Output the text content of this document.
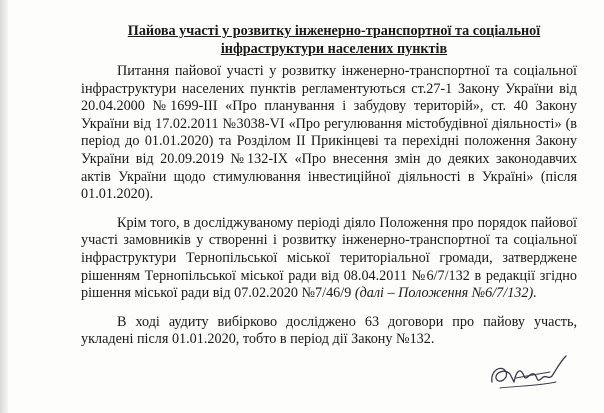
Пайова участі у розвитку інженерно-транспортної та соціальної
інфраструктури населених пунктів

Питання пайової участі у розвитку інженерно-транспортної та соціальної інфраструктури населених пунктів регламентуються ст.27-1 Закону України від 20.04.2000 №1699-ІІІ «Про планування і забудову територій», ст. 40 Закону України від 17.02.2011 №3038-VI «Про регулювання містобудівної діяльності» (в період до 01.01.2020) та Розділом ІІ Прикінцеві та перехідні положення Закону України від 20.09.2019 №132-ІХ «Про внесення змін до деяких законодавчих актів України щодо стимулювання інвестиційної діяльності в Україні» (після 01.01.2020).

Крім того, в досліджуваному періоді діяло Положення про порядок пайової участі замовників у створенні і розвитку інженерно-транспортної та соціальної інфраструктури Тернопільської міської територіальної громади, затверджене рішенням Тернопільської міської ради від 08.04.2011 №6/7/132 в редакції згідно рішення міської ради від 07.02.2020 №7/46/9 (далі – Положення №6/7/132).

В ході аудиту вибірково досліджено 63 договори про пайову участь, укладені після 01.01.2020, тобто в період дії Закону №132.
